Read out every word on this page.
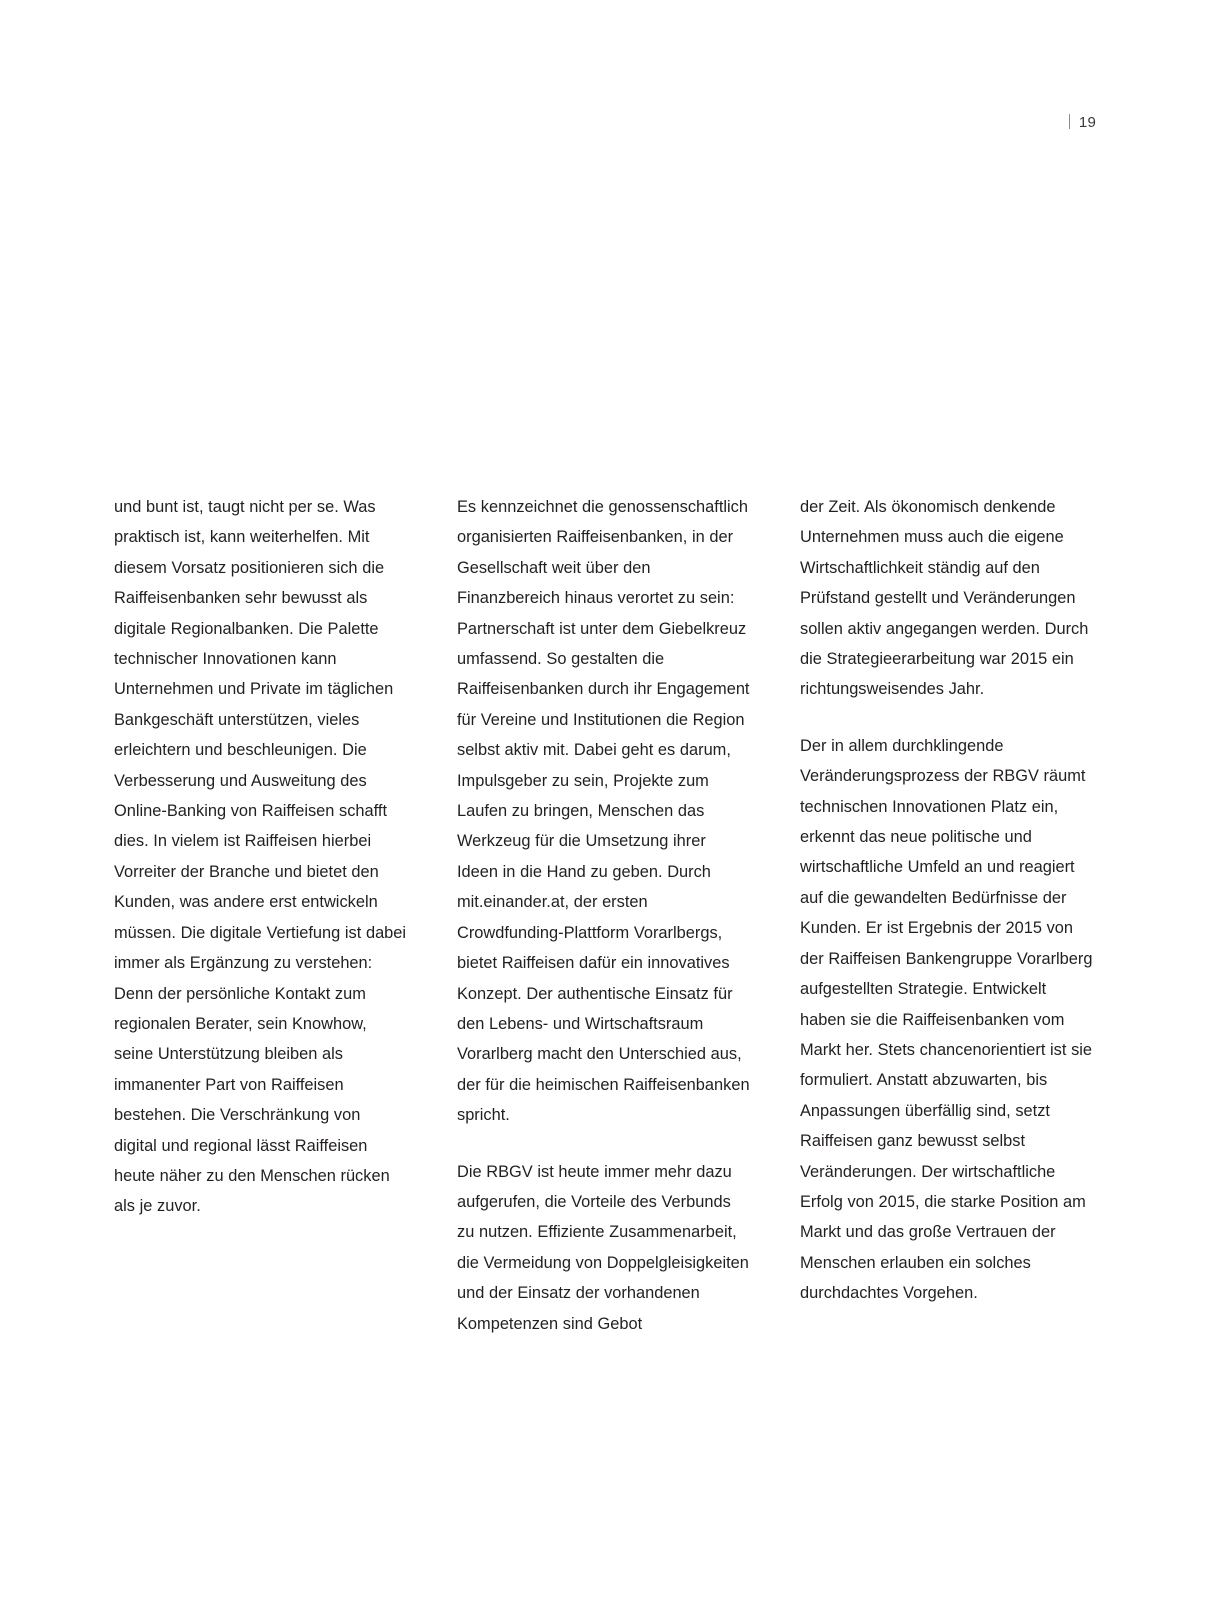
19

und bunt ist, taugt nicht per se. Was praktisch ist, kann weiterhelfen. Mit diesem Vorsatz positionieren sich die Raiffeisenbanken sehr bewusst als digitale Regionalbanken. Die Palette technischer Innovationen kann Unternehmen und Private im täglichen Bankgeschäft unterstützen, vieles erleichtern und beschleunigen. Die Verbesserung und Ausweitung des Online-Banking von Raiffeisen schafft dies. In vielem ist Raiffeisen hierbei Vorreiter der Branche und bietet den Kunden, was andere erst entwickeln müssen. Die digitale Vertiefung ist dabei immer als Ergänzung zu verstehen: Denn der persönliche Kontakt zum regionalen Berater, sein Knowhow, seine Unterstützung bleiben als immanenter Part von Raiffeisen bestehen. Die Verschränkung von digital und regional lässt Raiffeisen heute näher zu den Menschen rücken als je zuvor.

Es kennzeichnet die genossenschaftlich organisierten Raiffeisenbanken, in der Gesellschaft weit über den Finanzbereich hinaus verortet zu sein: Partnerschaft ist unter dem Giebelkreuz umfassend. So gestalten die Raiffeisenbanken durch ihr Engagement für Vereine und Institutionen die Region selbst aktiv mit. Dabei geht es darum, Impulsgeber zu sein, Projekte zum Laufen zu bringen, Menschen das Werkzeug für die Umsetzung ihrer Ideen in die Hand zu geben. Durch mit.einander.at, der ersten Crowdfunding-Plattform Vorarlbergs, bietet Raiffeisen dafür ein innovatives Konzept. Der authentische Einsatz für den Lebens- und Wirtschaftsraum Vorarlberg macht den Unterschied aus, der für die heimischen Raiffeisenbanken spricht.

Die RBGV ist heute immer mehr dazu aufgerufen, die Vorteile des Verbunds zu nutzen. Effiziente Zusammenarbeit, die Vermeidung von Doppelgleisigkeiten und der Einsatz der vorhandenen Kompetenzen sind Gebot

der Zeit. Als ökonomisch denkende Unternehmen muss auch die eigene Wirtschaftlichkeit ständig auf den Prüfstand gestellt und Veränderungen sollen aktiv angegangen werden. Durch die Strategieerarbeitung war 2015 ein richtungsweisendes Jahr.

Der in allem durchklingende Veränderungsprozess der RBGV räumt technischen Innovationen Platz ein, erkennt das neue politische und wirtschaftliche Umfeld an und reagiert auf die gewandelten Bedürfnisse der Kunden. Er ist Ergebnis der 2015 von der Raiffeisen Bankengruppe Vorarlberg aufgestellten Strategie. Entwickelt haben sie die Raiffeisenbanken vom Markt her. Stets chancenorientiert ist sie formuliert. Anstatt abzuwarten, bis Anpassungen überfällig sind, setzt Raiffeisen ganz bewusst selbst Veränderungen. Der wirtschaftliche Erfolg von 2015, die starke Position am Markt und das große Vertrauen der Menschen erlauben ein solches durchdachtes Vorgehen.
